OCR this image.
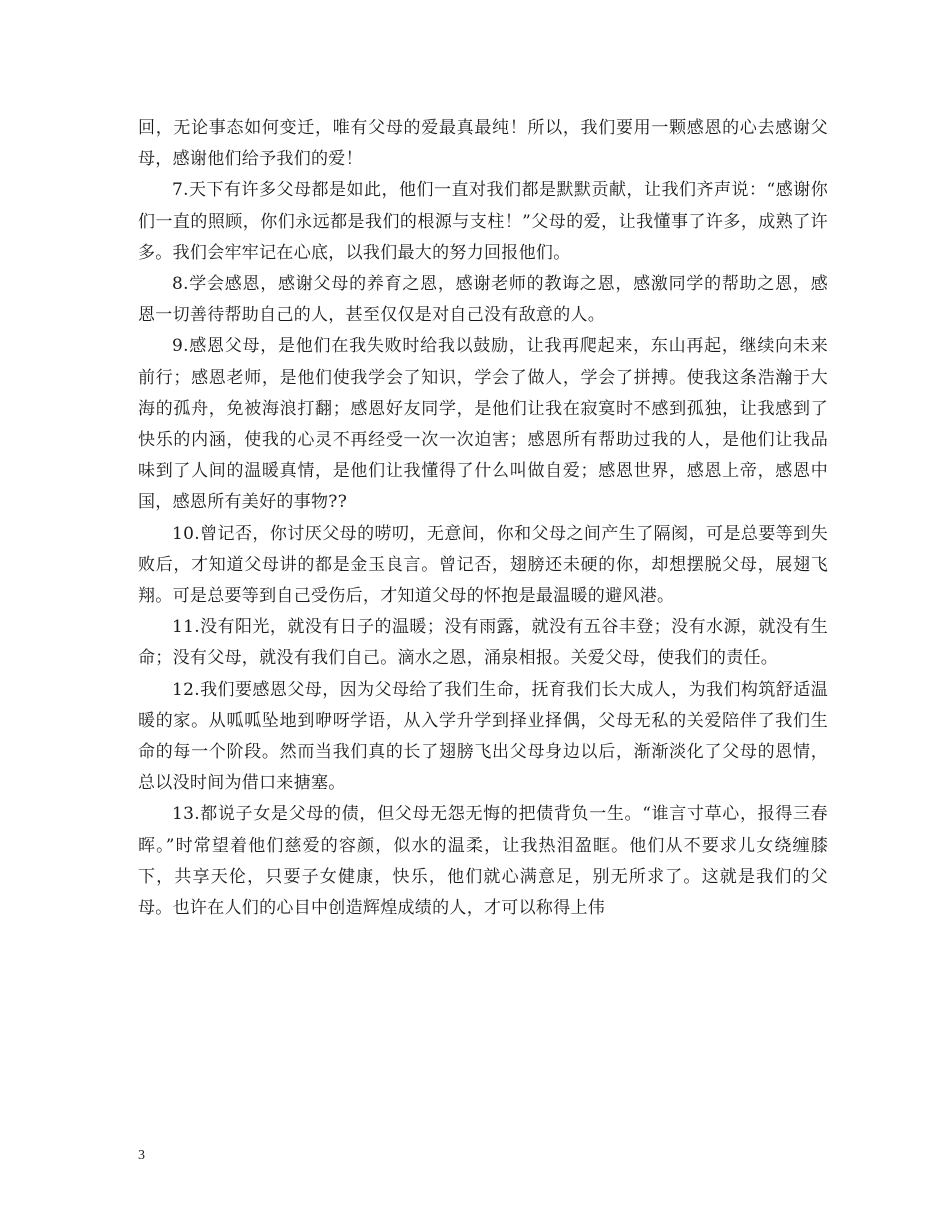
回，无论事态如何变迁，唯有父母的爱最真最纯！所以，我们要用一颗感恩的心去感谢父母，感谢他们给予我们的爱！

7.天下有许多父母都是如此，他们一直对我们都是默默贡献，让我们齐声说：“感谢你们一直的照顾，你们永远都是我们的根源与支柱！”父母的爱，让我懂事了许多，成熟了许多。我们会牢牢记在心底，以我们最大的努力回报他们。

8.学会感恩，感谢父母的养育之恩，感谢老师的教诲之恩，感激同学的帮助之恩，感恩一切善待帮助自己的人，甚至仅仅是对自己没有敌意的人。

9.感恩父母，是他们在我失败时给我以鼓励，让我再爬起来，东山再起，继续向未来前行；感恩老师，是他们使我学会了知识，学会了做人，学会了拼搏。使我这条浩瀚于大海的孤舟，免被海浪打翻；感恩好友同学，是他们让我在寂寞时不感到孤独，让我感到了快乐的内涵，使我的心灵不再经受一次一次迫害；感恩所有帮助过我的人，是他们让我品味到了人间的温暖真情，是他们让我懂得了什么叫做自爱；感恩世界，感恩上帝，感恩中国，感恩所有美好的事物??

10.曾记否，你讨厌父母的唠叨，无意间，你和父母之间产生了隔阂，可是总要等到失败后，才知道父母讲的都是金玉良言。曾记否，翅膀还未硬的你，却想摆脱父母，展翅飞翔。可是总要等到自己受伤后，才知道父母的怀抱是最温暖的避风港。

11.没有阳光，就没有日子的温暖；没有雨露，就没有五谷丰登；没有水源，就没有生命；没有父母，就没有我们自己。滴水之恩，涌泉相报。关爱父母，使我们的责任。

12.我们要感恩父母，因为父母给了我们生命，抚育我们长大成人，为我们构筑舒适温暖的家。从呱呱坠地到咿呀学语，从入学升学到择业择偶，父母无私的关爱陪伴了我们生命的每一个阶段。然而当我们真的长了翅膀飞出父母身边以后，渐渐淡化了父母的恩情，总以没时间为借口来搪塞。

13.都说子女是父母的债，但父母无怨无悔的把债背负一生。“谁言寸草心，报得三春晖。”时常望着他们慈爱的容颜，似水的温柔，让我热泪盈眶。他们从不要求儿女绕缠膝下，共享天伦，只要子女健康，快乐，他们就心满意足，别无所求了。这就是我们的父母。也许在人们的心目中创造辉煌成绩的人，才可以称得上伟

3
